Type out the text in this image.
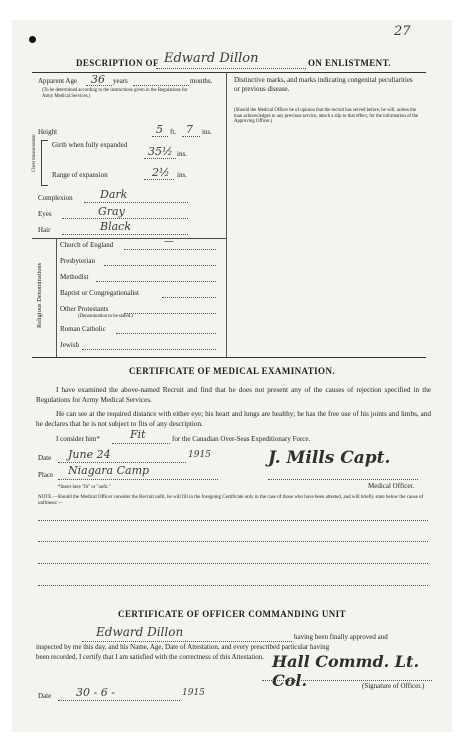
27
DESCRIPTION OF Edward Dillon	ON ENLISTMENT.
Apparent Age 36 years	months.
(To be determined according to the instructions given in the Regulations for Army Medical Services.)
Distinctive marks, and marks indicating congenital peculiarities or previous disease.
(Should the Medical Officer be of opinion that the recruit has served before, he will, unless the man acknowledges to any previous service, attach a slip to that effect, for the information of the Approving Officer.)
Height	5 ft. 7 ins.
Chest measurement Girth when fully expanded	35½ ins.
Range of expansion	2½ ins.
Complexion Dark
Eyes	Gray
Hair	Black
Religious Denominations
Church of England	—
Presbyterian
Methodist
Baptist or Congregationalist
Other Protestants
(Denomination to be stated.)
Roman Catholic
Jewish
CERTIFICATE OF MEDICAL EXAMINATION.
I have examined the above-named Recruit and find that he does not present any of the causes of rejection specified in the Regulations for Army Medical Services.
He can see at the required distance with either eye; his heart and lungs are healthy; he has the free use of his joints and limbs, and he declares that he is not subject to fits of any description.
I consider him*	Fit	for the Canadian Over-Seas Expeditionary Force.
Date June 24	1915
Place Niagara Camp
J. Mills Capt.
Medical Officer.
*Insert here "fit" or "unfit."
NOTE.—Should the Medical Officer consider the Recruit unfit, he will fill in the foregoing Certificate only in the case of those who have been attested, and will briefly state below the cause of unfitness:—
CERTIFICATE OF OFFICER COMMANDING UNIT
Edward Dillon	having been finally approved and
inspected by me this day, and his Name, Age, Date of Attestation, and every prescribed particular having
been recorded, I certify that I am satisfied with the correctness of this Attestation. Hall Commd. Lt. Col.	(Signature of Officer.)
Date 30 - 6 -	1915
